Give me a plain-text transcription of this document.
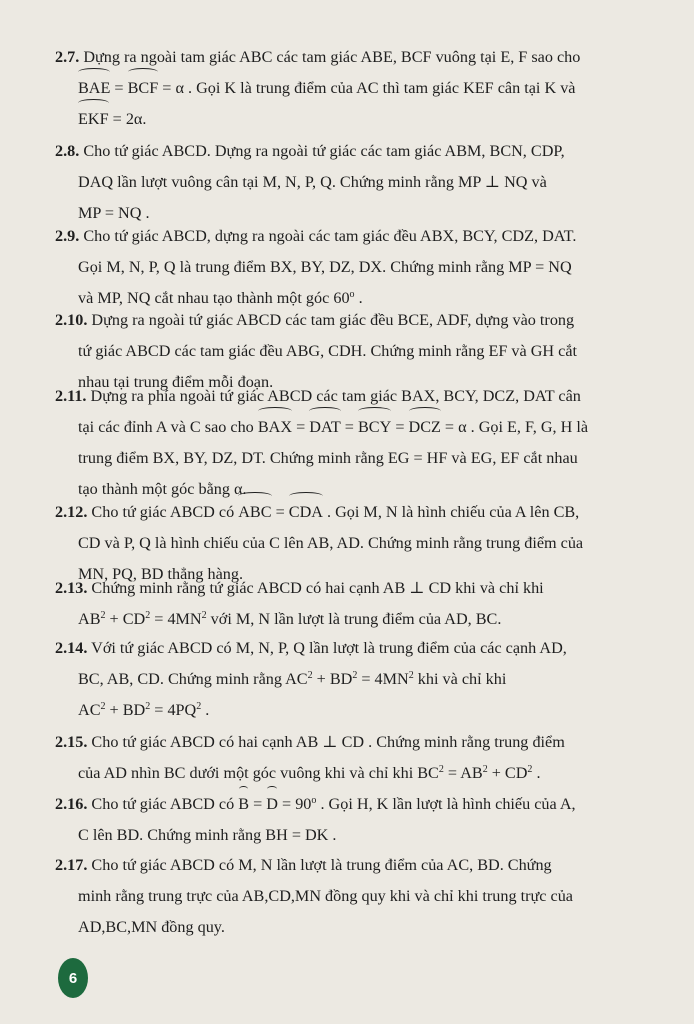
2.7. Dựng ra ngoài tam giác ABC các tam giác ABE, BCF vuông tại E, F sao cho
BAE = BCF = α . Gọi K là trung điểm của AC thì tam giác KEF cân tại K và
EKF = 2α.
2.8. Cho tứ giác ABCD. Dựng ra ngoài tứ giác các tam giác ABM, BCN, CDP,
DAQ lần lượt vuông cân tại M, N, P, Q. Chứng minh rằng MP ⊥ NQ và
MP = NQ .
2.9. Cho tứ giác ABCD, dựng ra ngoài các tam giác đều ABX, BCY, CDZ, DAT.
Gọi M, N, P, Q là trung điểm BX, BY, DZ, DX. Chứng minh rằng MP = NQ
và MP, NQ cắt nhau tạo thành một góc 60$^o$ .
2.10. Dựng ra ngoài tứ giác ABCD các tam giác đều BCE, ADF, dựng vào trong
tứ giác ABCD các tam giác đều ABG, CDH. Chứng minh rằng EF và GH cắt
nhau tại trung điểm mỗi đoạn.
2.11. Dựng ra phía ngoài tứ giác ABCD các tam giác BAX, BCY, DCZ, DAT cân
tại các đỉnh A và C sao cho BAX = DAT = BCY = DCZ = α . Gọi E, F, G, H là
trung điểm BX, BY, DZ, DT. Chứng minh rằng EG = HF và EG, EF cắt nhau
tạo thành một góc bằng α.
2.12. Cho tứ giác ABCD có ABC = CDA . Gọi M, N là hình chiếu của A lên CB,
CD và P, Q là hình chiếu của C lên AB, AD. Chứng minh rằng trung điểm của
MN, PQ, BD thẳng hàng.
2.13. Chứng minh rằng tứ giác ABCD có hai cạnh AB ⊥ CD khi và chỉ khi
$AB^2 + CD^2 = 4MN^2$ với M, N lần lượt là trung điểm của AD, BC.
2.14. Với tứ giác ABCD có M, N, P, Q lần lượt là trung điểm của các cạnh AD,
BC, AB, CD. Chứng minh rằng $AC^2 + BD^2 = 4MN^2$ khi và chỉ khi
$AC^2 + BD^2 = 4PQ^2$ .
2.15. Cho tứ giác ABCD có hai cạnh AB ⊥ CD . Chứng minh rằng trung điểm
của AD nhìn BC dưới một góc vuông khi và chỉ khi $BC^2 = AB^2 + CD^2$ .
2.16. Cho tứ giác ABCD có $B = D = 90^o$ . Gọi H, K lần lượt là hình chiếu của A,
C lên BD. Chứng minh rằng BH = DK .
2.17. Cho tứ giác ABCD có M, N lần lượt là trung điểm của AC, BD. Chứng
minh rằng trung trực của AB,CD,MN đồng quy khi và chỉ khi trung trực của
AD,BC,MN đồng quy.
6
